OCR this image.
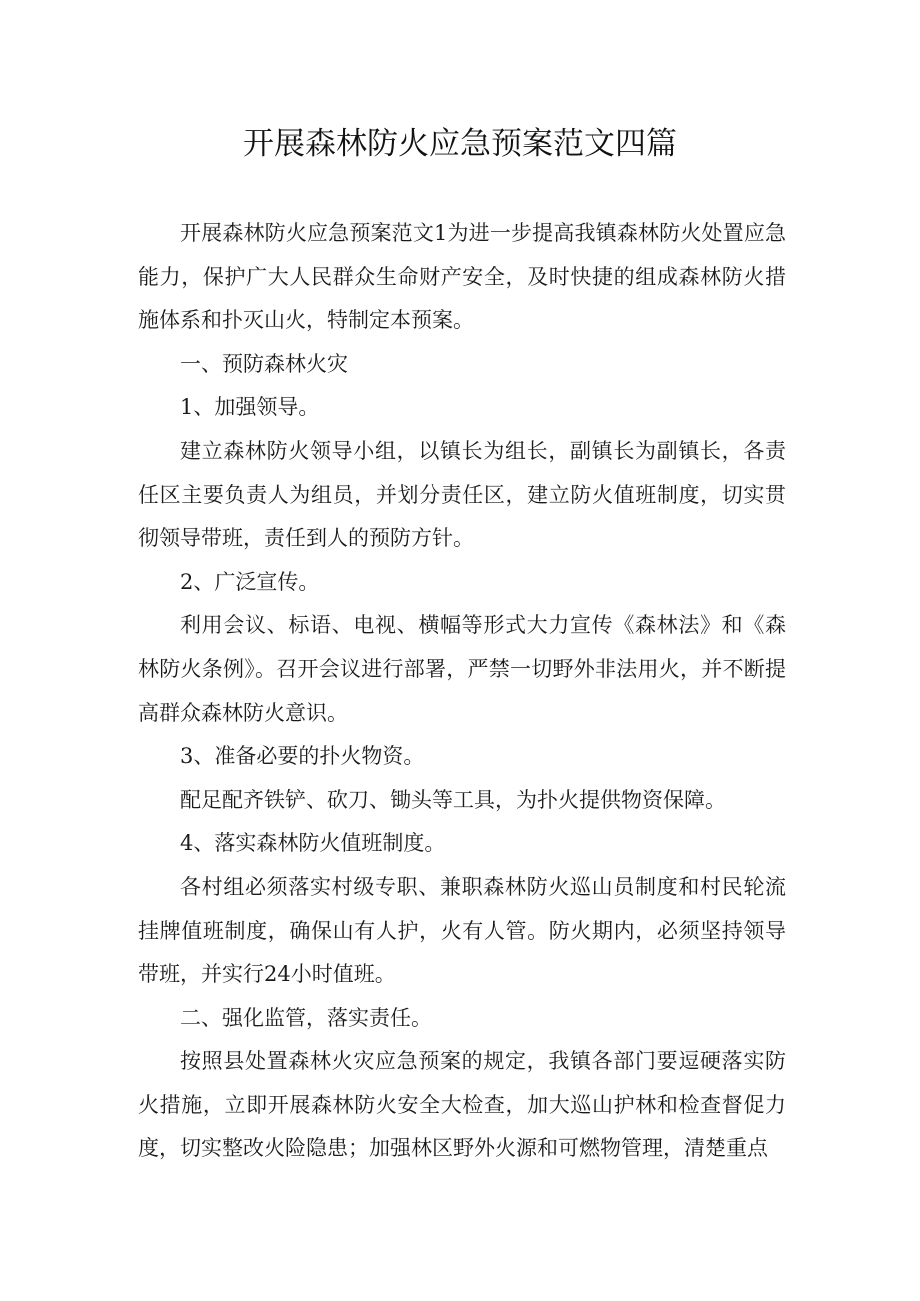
开展森林防火应急预案范文四篇

开展森林防火应急预案范文1为进一步提高我镇森林防火处置应急能力，保护广大人民群众生命财产安全，及时快捷的组成森林防火措施体系和扑灭山火，特制定本预案。

一、预防森林火灾

1、加强领导。

建立森林防火领导小组，以镇长为组长，副镇长为副镇长，各责任区主要负责人为组员，并划分责任区，建立防火值班制度，切实贯彻领导带班，责任到人的预防方针。

2、广泛宣传。

利用会议、标语、电视、横幅等形式大力宣传《森林法》和《森林防火条例》。召开会议进行部署，严禁一切野外非法用火，并不断提高群众森林防火意识。

3、准备必要的扑火物资。

配足配齐铁铲、砍刀、锄头等工具，为扑火提供物资保障。

4、落实森林防火值班制度。

各村组必须落实村级专职、兼职森林防火巡山员制度和村民轮流挂牌值班制度，确保山有人护，火有人管。防火期内，必须坚持领导带班，并实行24小时值班。

二、强化监管，落实责任。

按照县处置森林火灾应急预案的规定，我镇各部门要逗硬落实防火措施，立即开展森林防火安全大检查，加大巡山护林和检查督促力度，切实整改火险隐患；加强林区野外火源和可燃物管理，清楚重点
